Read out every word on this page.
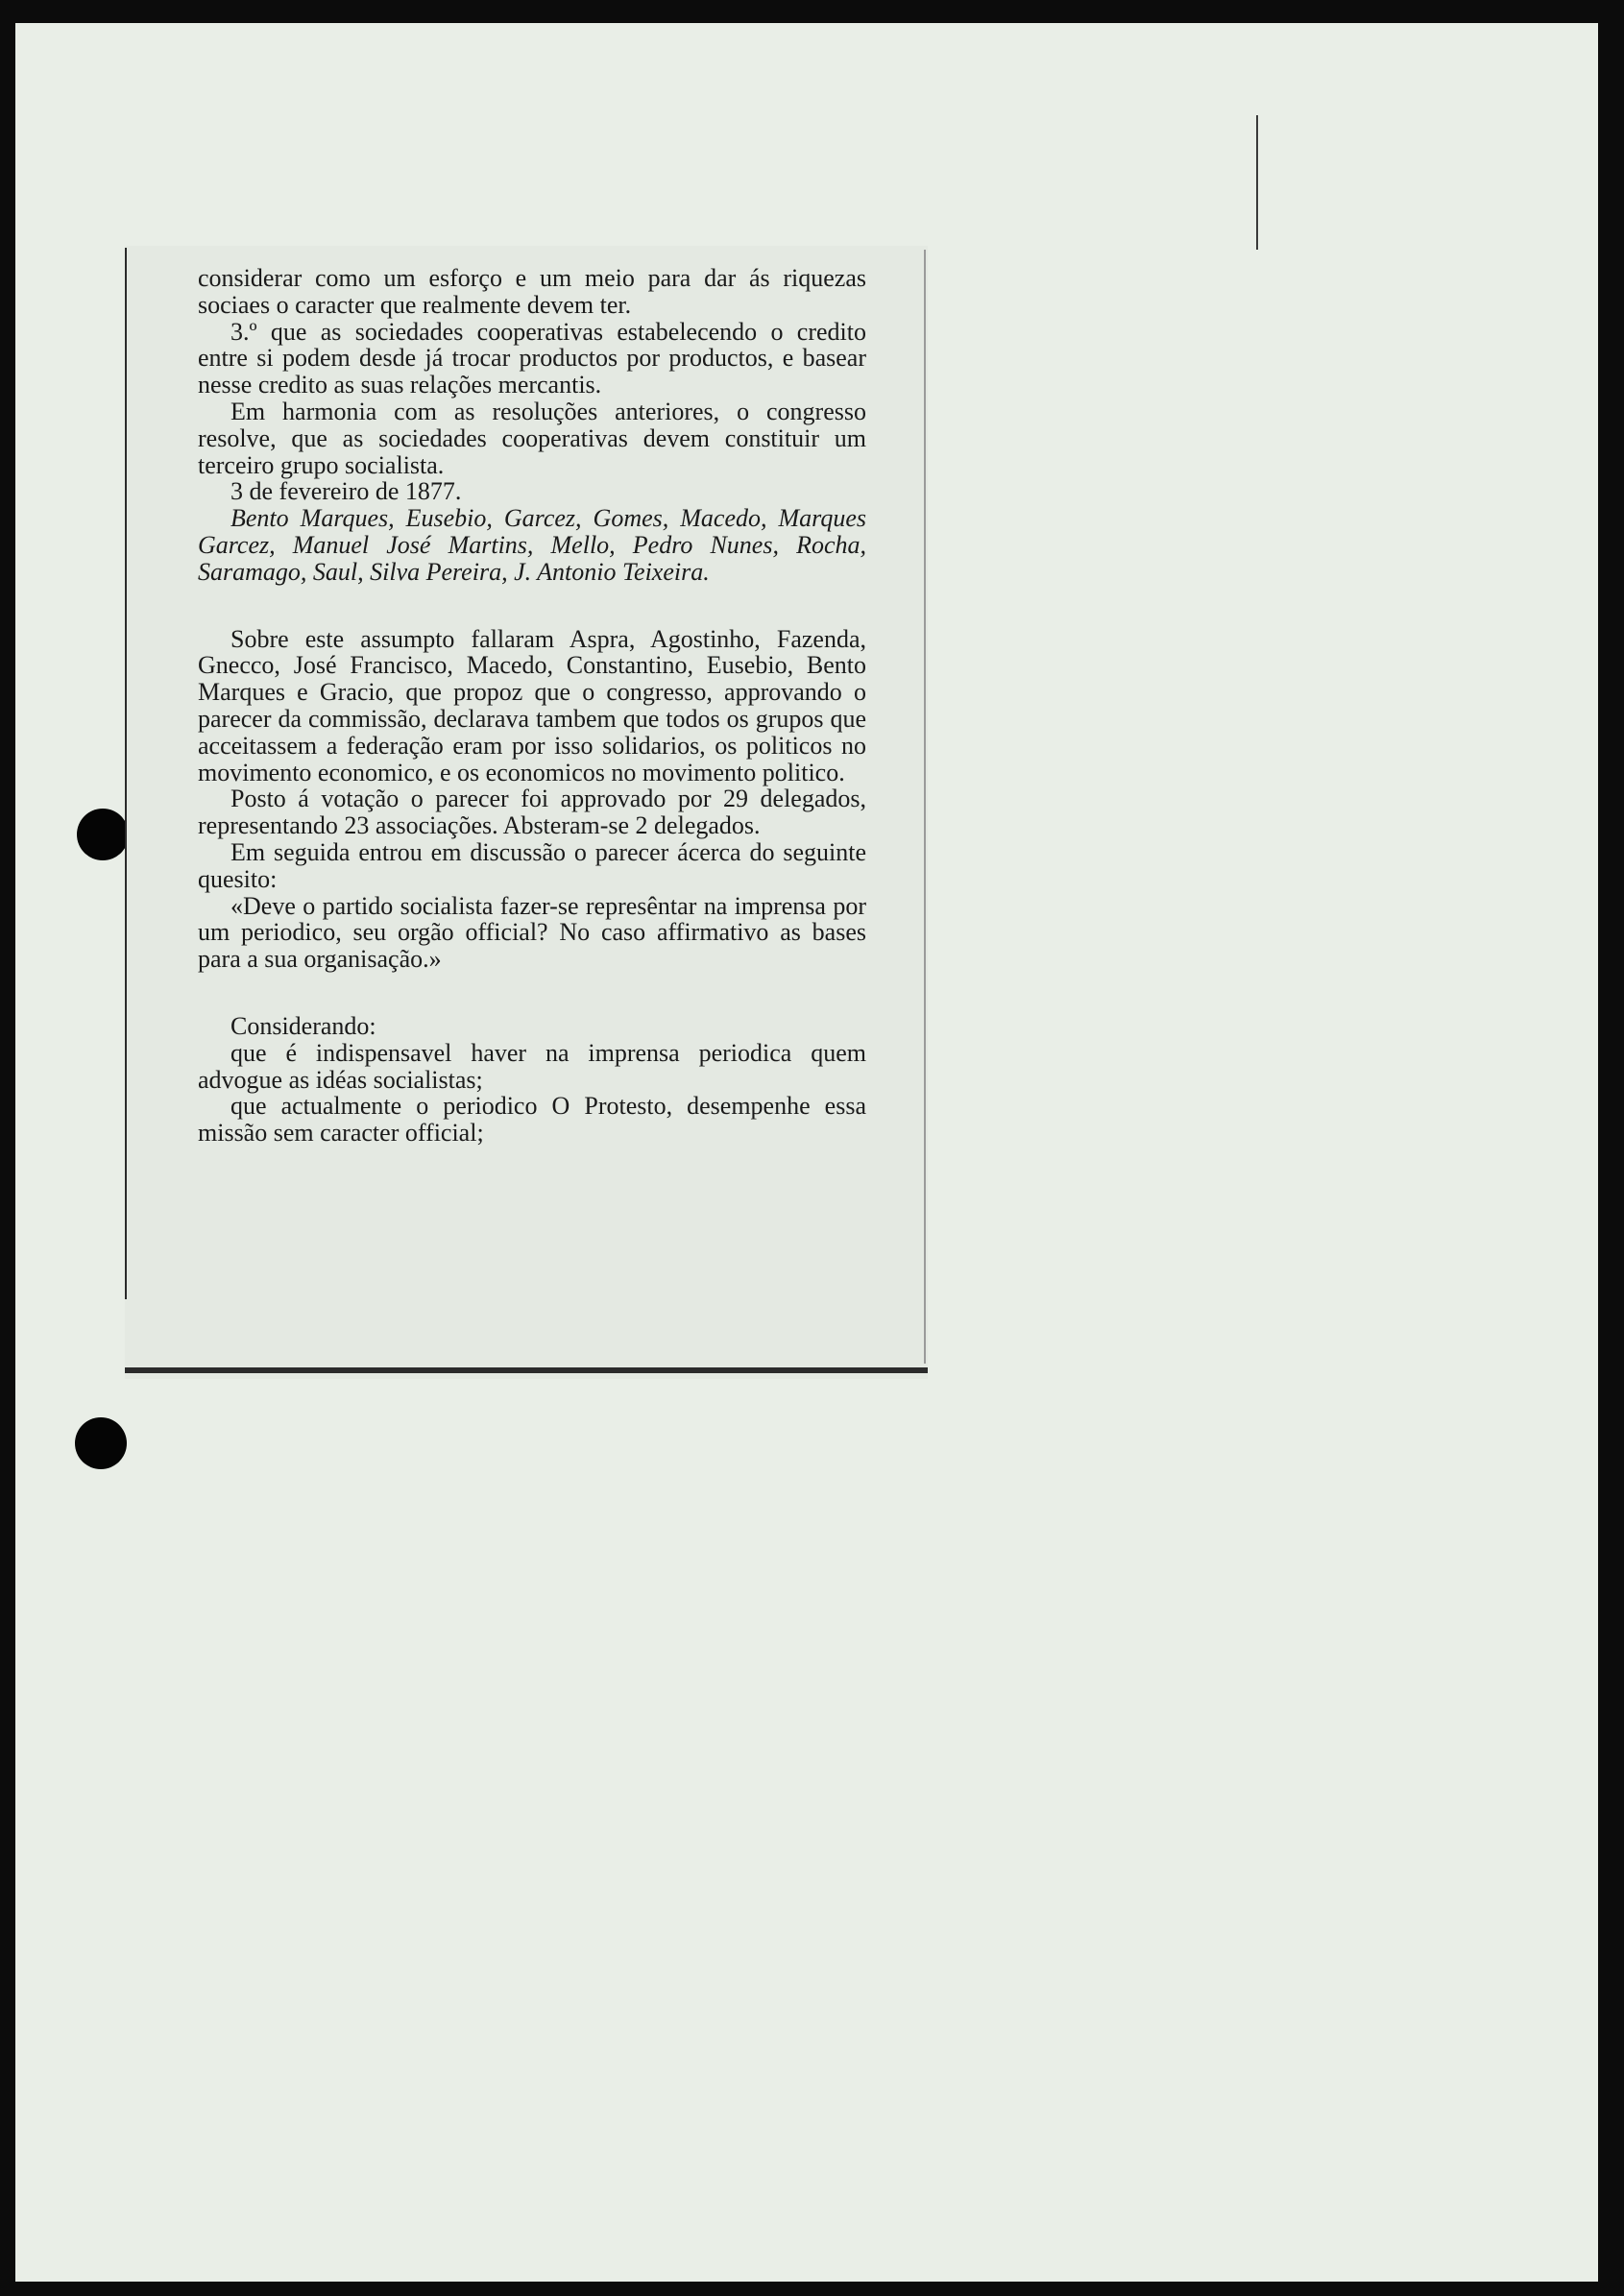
considerar como um esforço e um meio para dar ás riquezas sociaes o caracter que realmente devem ter.

3.º que as sociedades cooperativas estabelecendo o credito entre si podem desde já trocar productos por productos, e basear nesse credito as suas relações mercantis.

Em harmonia com as resoluções anteriores, o congresso resolve, que as sociedades cooperativas devem constituir um terceiro grupo socialista.

3 de fevereiro de 1877.

Bento Marques, Eusebio, Garcez, Gomes, Macedo, Marques Garcez, Manuel José Martins, Mello, Pedro Nunes, Rocha, Saramago, Saul, Silva Pereira, J. Antonio Teixeira.

Sobre este assumpto fallaram Aspra, Agostinho, Fazenda, Gnecco, José Francisco, Macedo, Constantino, Eusebio, Bento Marques e Gracio, que propoz que o congresso, approvando o parecer da commissão, declarava tambem que todos os grupos que acceitassem a federação eram por isso solidarios, os politicos no movimento economico, e os economicos no movimento politico.

Posto á votação o parecer foi approvado por 29 delegados, representando 23 associações. Absteram-se 2 delegados.

Em seguida entrou em discussão o parecer ácerca do seguinte quesito:

«Deve o partido socialista fazer-se represêntar na imprensa por um periodico, seu orgão official? No caso affirmativo as bases para a sua organisação.»

Considerando:

que é indispensavel haver na imprensa periodica quem advogue as idéas socialistas;

que actualmente o periodico O Protesto, desempenhe essa missão sem caracter official;
